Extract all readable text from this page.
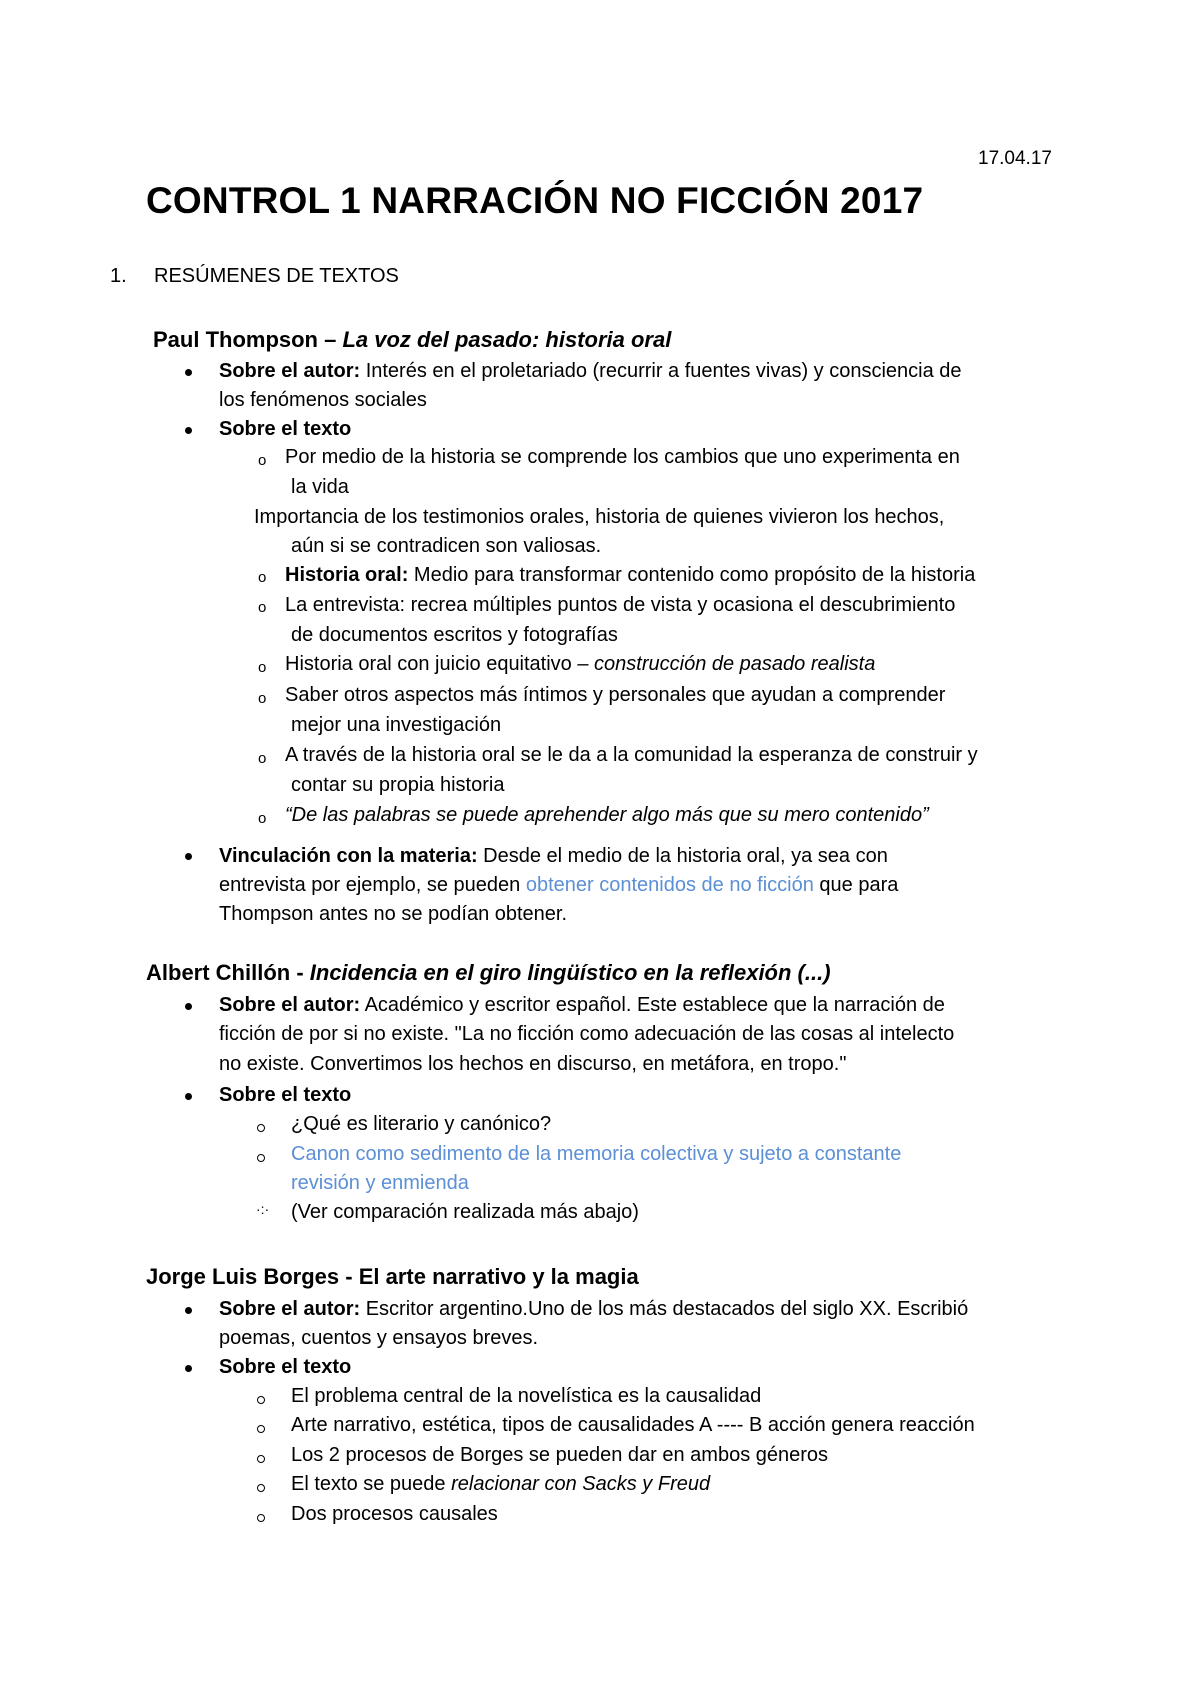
17.04.17
CONTROL 1 NARRACIÓN NO FICCIÓN 2017
1. RESÚMENES DE TEXTOS
Paul Thompson – La voz del pasado: historia oral
Sobre el autor: Interés en el proletariado (recurrir a fuentes vivas) y consciencia de
los fenómenos sociales
Sobre el texto
o Por medio de la historia se comprende los cambios que uno experimenta en
la vida
Importancia de los testimonios orales, historia de quienes vivieron los hechos,
aún si se contradicen son valiosas.
o Historia oral: Medio para transformar contenido como propósito de la historia
o La entrevista: recrea múltiples puntos de vista y ocasiona el descubrimiento
de documentos escritos y fotografías
o Historia oral con juicio equitativo – construcción de pasado realista
o Saber otros aspectos más íntimos y personales que ayudan a comprender
mejor una investigación
o A través de la historia oral se le da a la comunidad la esperanza de construir y
contar su propia historia
o “De las palabras se puede aprehender algo más que su mero contenido”
Vinculación con la materia: Desde el medio de la historia oral, ya sea con
entrevista por ejemplo, se pueden obtener contenidos de no ficción que para
Thompson antes no se podían obtener.
Albert Chillón - Incidencia en el giro lingüístico en la reflexión (...)
Sobre el autor: Académico y escritor español. Este establece que la narración de
ficción de por si no existe. "La no ficción como adecuación de las cosas al intelecto
no existe. Convertimos los hechos en discurso, en metáfora, en tropo."
Sobre el texto
¿Qué es literario y canónico?
Canon como sedimento de la memoria colectiva y sujeto a constante
revisión y enmienda
·:· (Ver comparación realizada más abajo)
Jorge Luis Borges - El arte narrativo y la magia
Sobre el autor: Escritor argentino.Uno de los más destacados del siglo XX. Escribió
poemas, cuentos y ensayos breves.
Sobre el texto
El problema central de la novelística es la causalidad
Arte narrativo, estética, tipos de causalidades A ---- B acción genera reacción
Los 2 procesos de Borges se pueden dar en ambos géneros
El texto se puede relacionar con Sacks y Freud
Dos procesos causales
